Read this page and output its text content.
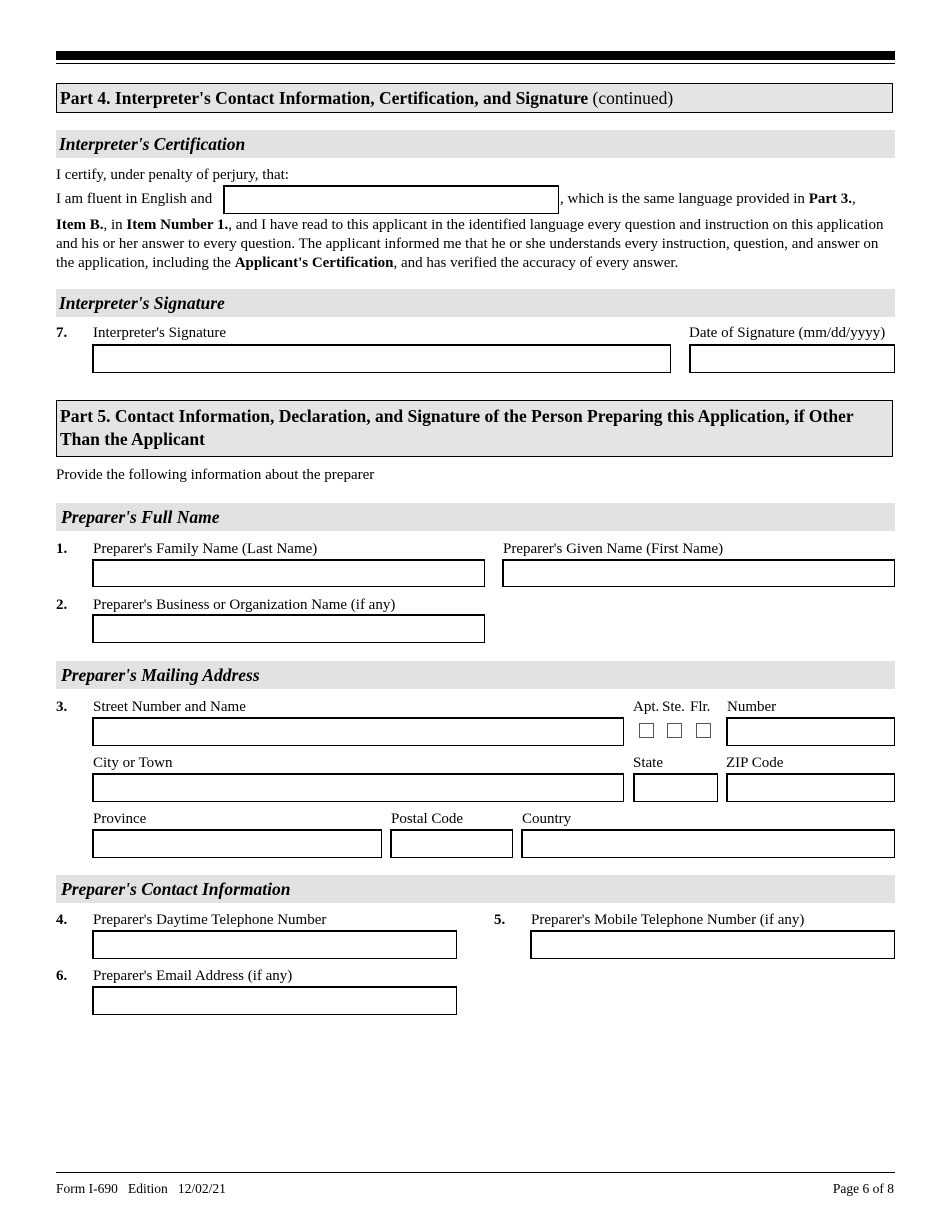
Part 4. Interpreter's Contact Information, Certification, and Signature (continued)
Interpreter's Certification
I certify, under penalty of perjury, that:
I am fluent in English and	, which is the same language provided in Part 3.,
Item B., in Item Number 1., and I have read to this applicant in the identified language every question and instruction on this application and his or her answer to every question. The applicant informed me that he or she understands every instruction, question, and answer on the application, including the Applicant's Certification, and has verified the accuracy of every answer.
Interpreter's Signature
7. Interpreter's Signature	Date of Signature (mm/dd/yyyy)
Part 5. Contact Information, Declaration, and Signature of the Person Preparing this Application, if Other Than the Applicant
Provide the following information about the preparer
Preparer's Full Name
1. Preparer's Family Name (Last Name)	Preparer's Given Name (First Name)
2. Preparer's Business or Organization Name (if any)
Preparer's Mailing Address
3. Street Number and Name	Apt. Ste. Flr. Number
City or Town	State	ZIP Code
Province	Postal Code	Country
Preparer's Contact Information
4. Preparer's Daytime Telephone Number	5. Preparer's Mobile Telephone Number (if any)
6. Preparer's Email Address (if any)
Form I-690   Edition   12/02/21	Page 6 of 8
